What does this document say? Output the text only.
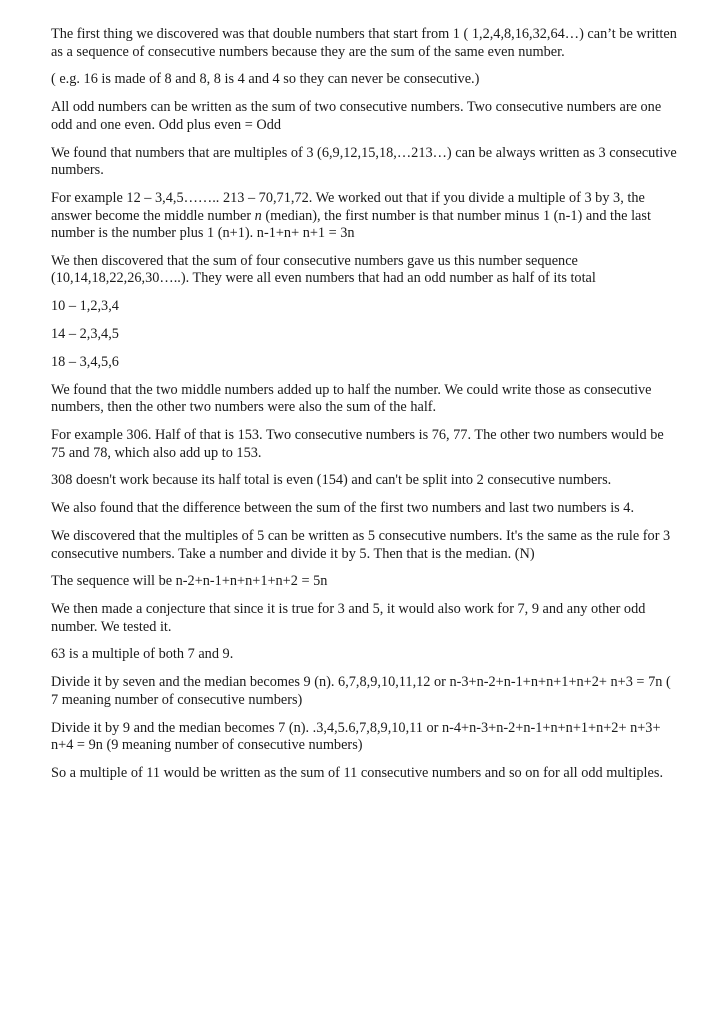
The first thing we discovered was that double numbers that start from 1 ( 1,2,4,8,16,32,64…) can’t be written as a sequence of consecutive numbers because they are the sum of the same even number.

( e.g. 16 is made of 8 and 8, 8 is 4 and 4 so they can never be consecutive.)

All odd numbers can be written as the sum of two consecutive numbers. Two consecutive numbers are one odd and one even. Odd plus even = Odd

We found that numbers that are multiples of 3 (6,9,12,15,18,…213…) can be always written as 3 consecutive numbers.

For example 12 – 3,4,5…….. 213 – 70,71,72. We worked out that if you divide a multiple of 3 by 3, the answer become the middle number n (median), the first number is that number minus 1 (n-1) and the last number is the number plus 1 (n+1). n-1+n+ n+1 = 3n

We then discovered that the sum of four consecutive numbers gave us this number sequence (10,14,18,22,26,30…..). They were all even numbers that had an odd number as half of its total

10 – 1,2,3,4

14 – 2,3,4,5

18 – 3,4,5,6

We found that the two middle numbers added up to half the number. We could write those as consecutive numbers, then the other two numbers were also the sum of the half.

For example 306. Half of that is 153. Two consecutive numbers is 76, 77. The other two numbers would be 75 and 78, which also add up to 153.

308 doesn't work because its half total is even (154) and can't be split into 2 consecutive numbers.

We also found that the difference between the sum of the first two numbers and last two numbers is 4.

We discovered that the multiples of 5 can be written as 5 consecutive numbers. It's the same as the rule for 3 consecutive numbers. Take a number and divide it by 5. Then that is the median. (N)

The sequence will be n-2+n-1+n+n+1+n+2 = 5n

We then made a conjecture that since it is true for 3 and 5, it would also work for 7, 9 and any other odd number. We tested it.

63 is a multiple of both 7 and 9.

Divide it by seven and the median becomes 9 (n). 6,7,8,9,10,11,12 or n-3+n-2+n-1+n+n+1+n+2+ n+3 = 7n ( 7 meaning number of consecutive numbers)

Divide it by 9 and the median becomes 7 (n). .3,4,5.6,7,8,9,10,11 or n-4+n-3+n-2+n-1+n+n+1+n+2+ n+3+ n+4 = 9n (9 meaning number of consecutive numbers)

So a multiple of 11 would be written as the sum of 11 consecutive numbers and so on for all odd multiples.
